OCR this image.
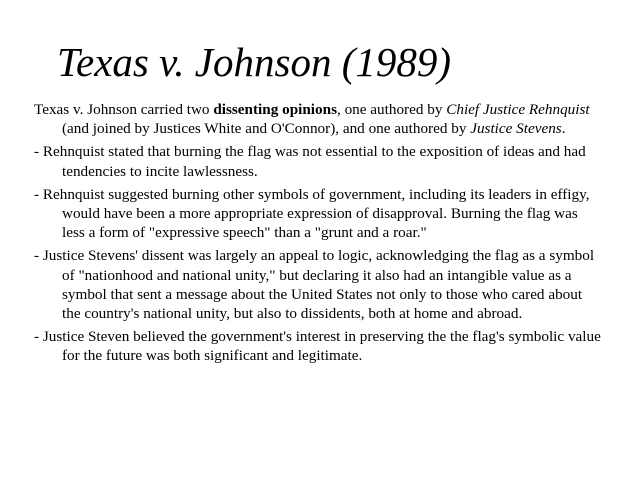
Texas v. Johnson (1989)

Texas v. Johnson carried two dissenting opinions, one authored by Chief Justice Rehnquist (and joined by Justices White and O'Connor), and one authored by Justice Stevens.

- Rehnquist stated that burning the flag was not essential to the exposition of ideas and had tendencies to incite lawlessness.

- Rehnquist suggested burning other symbols of government, including its leaders in effigy, would have been a more appropriate expression of disapproval. Burning the flag was less a form of "expressive speech" than a "grunt and a roar."

- Justice Stevens' dissent was largely an appeal to logic, acknowledging the flag as a symbol of "nationhood and national unity," but declaring it also had an intangible value as a symbol that sent a message about the United States not only to those who cared about the country's national unity, but also to dissidents, both at home and abroad.

- Justice Steven believed the government's interest in preserving the the flag's symbolic value for the future was both significant and legitimate.
